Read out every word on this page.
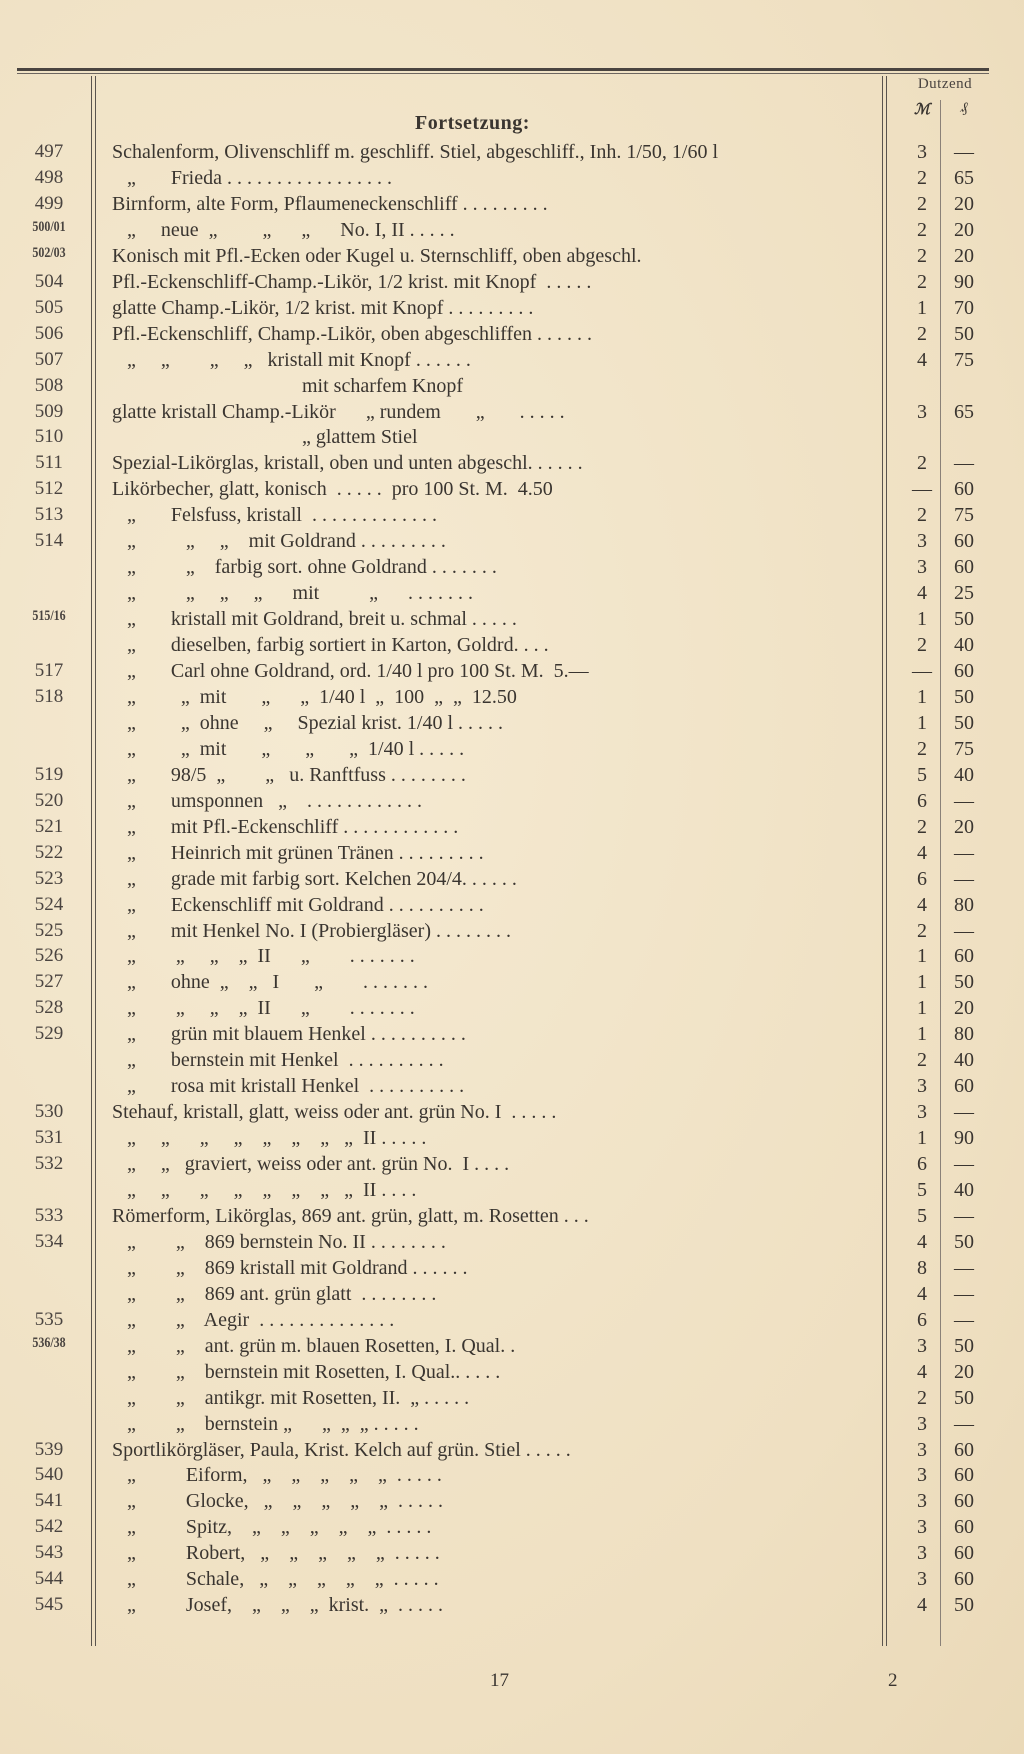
Dutzend
ℳ	₰
Fortsetzung:
497	Schalenform, Olivenschliff m. geschliff. Stiel, abgeschliff., Inh. 1/50, 1/60 l	3	—
498	„       Frieda . . . . . . . . . . . . . . . . .	2	65
499	Birnform, alte Form, Pflaumeneckenschliff . . . . . . . . .	2	20
500/01	„     neue  „         „      „      No. I, II . . . . .	2	20
502/03	Konisch mit Pfl.-Ecken oder Kugel u. Sternschliff, oben abgeschl.	2	20
504	Pfl.-Eckenschliff-Champ.-Likör, 1/2 krist. mit Knopf  . . . . .	2	90
505	glatte Champ.-Likör, 1/2 krist. mit Knopf . . . . . . . . .	1	70
506	Pfl.-Eckenschliff, Champ.-Likör, oben abgeschliffen . . . . . .	2	50
507	„     „        „     „   kristall mit Knopf . . . . . .	4	75
508	mit scharfem Knopf
509	glatte kristall Champ.-Likör      „ rundem       „       . . . . .	3	65
510	„ glattem Stiel
511	Spezial-Likörglas, kristall, oben und unten abgeschl. . . . . .	2	—
512	Likörbecher, glatt, konisch  . . . . .  pro 100 St. M.  4.50	—	60
513	„       Felsfuss, kristall  . . . . . . . . . . . . .	2	75
514	„          „     „    mit Goldrand . . . . . . . . .	3	60
„          „    farbig sort. ohne Goldrand . . . . . . .	3	60
„          „     „     „      mit          „      . . . . . . .	4	25
515/16	„       kristall mit Goldrand, breit u. schmal . . . . .	1	50
„       dieselben, farbig sortiert in Karton, Goldrd. . . .	2	40
517	„       Carl ohne Goldrand, ord. 1/40 l pro 100 St. M.  5.—	—	60
518	„         „  mit       „      „  1/40 l  „  100  „  „  12.50	1	50
„         „  ohne     „     Spezial krist. 1/40 l . . . . .	1	50
„         „  mit       „       „       „  1/40 l . . . . .	2	75
519	„       98/5  „        „   u. Ranftfuss . . . . . . . .	5	40
520	„       umsponnen   „    . . . . . . . . . . . .	6	—
521	„       mit Pfl.-Eckenschliff . . . . . . . . . . . .	2	20
522	„       Heinrich mit grünen Tränen . . . . . . . . .	4	—
523	„       grade mit farbig sort. Kelchen 204/4. . . . . .	6	—
524	„       Eckenschliff mit Goldrand . . . . . . . . . .	4	80
525	„       mit Henkel No. I (Probiergläser) . . . . . . . .	2	—
526	„        „     „    „  II      „        . . . . . . .	1	60
527	„       ohne  „    „   I       „        . . . . . . .	1	50
528	„        „     „    „  II      „        . . . . . . .	1	20
529	„       grün mit blauem Henkel . . . . . . . . . .	1	80
„       bernstein mit Henkel  . . . . . . . . . .	2	40
„       rosa mit kristall Henkel  . . . . . . . . . .	3	60
530	Stehauf, kristall, glatt, weiss oder ant. grün No. I  . . . . .	3	—
531	„     „      „     „    „    „    „   „  II . . . . .	1	90
532	„     „   graviert, weiss oder ant. grün No.  I . . . .	6	—
„     „      „     „    „    „    „   „  II . . . .	5	40
533	Römerform, Likörglas, 869 ant. grün, glatt, m. Rosetten . . .	5	—
534	„        „    869 bernstein No. II . . . . . . . .	4	50
„        „    869 kristall mit Goldrand . . . . . .	8	—
„        „    869 ant. grün glatt  . . . . . . . .	4	—
535	„        „    Aegir  . . . . . . . . . . . . . .	6	—
536/38	„        „    ant. grün m. blauen Rosetten, I. Qual. .	3	50
„        „    bernstein mit Rosetten, I. Qual.. . . . .	4	20
„        „    antikgr. mit Rosetten, II.  „ . . . . .	2	50
„        „    bernstein „      „  „  „ . . . . .	3	—
539	Sportlikörgläser, Paula, Krist. Kelch auf grün. Stiel . . . . .	3	60
540	„          Eiform,   „    „    „    „    „  . . . . .	3	60
541	„          Glocke,   „    „    „    „    „  . . . . .	3	60
542	„          Spitz,    „    „    „    „    „  . . . . .	3	60
543	„          Robert,   „    „    „    „    „  . . . . .	3	60
544	„          Schale,   „    „    „    „    „  . . . . .	3	60
545	„          Josef,    „    „    „  krist.  „  . . . . .	4	50
17	2
